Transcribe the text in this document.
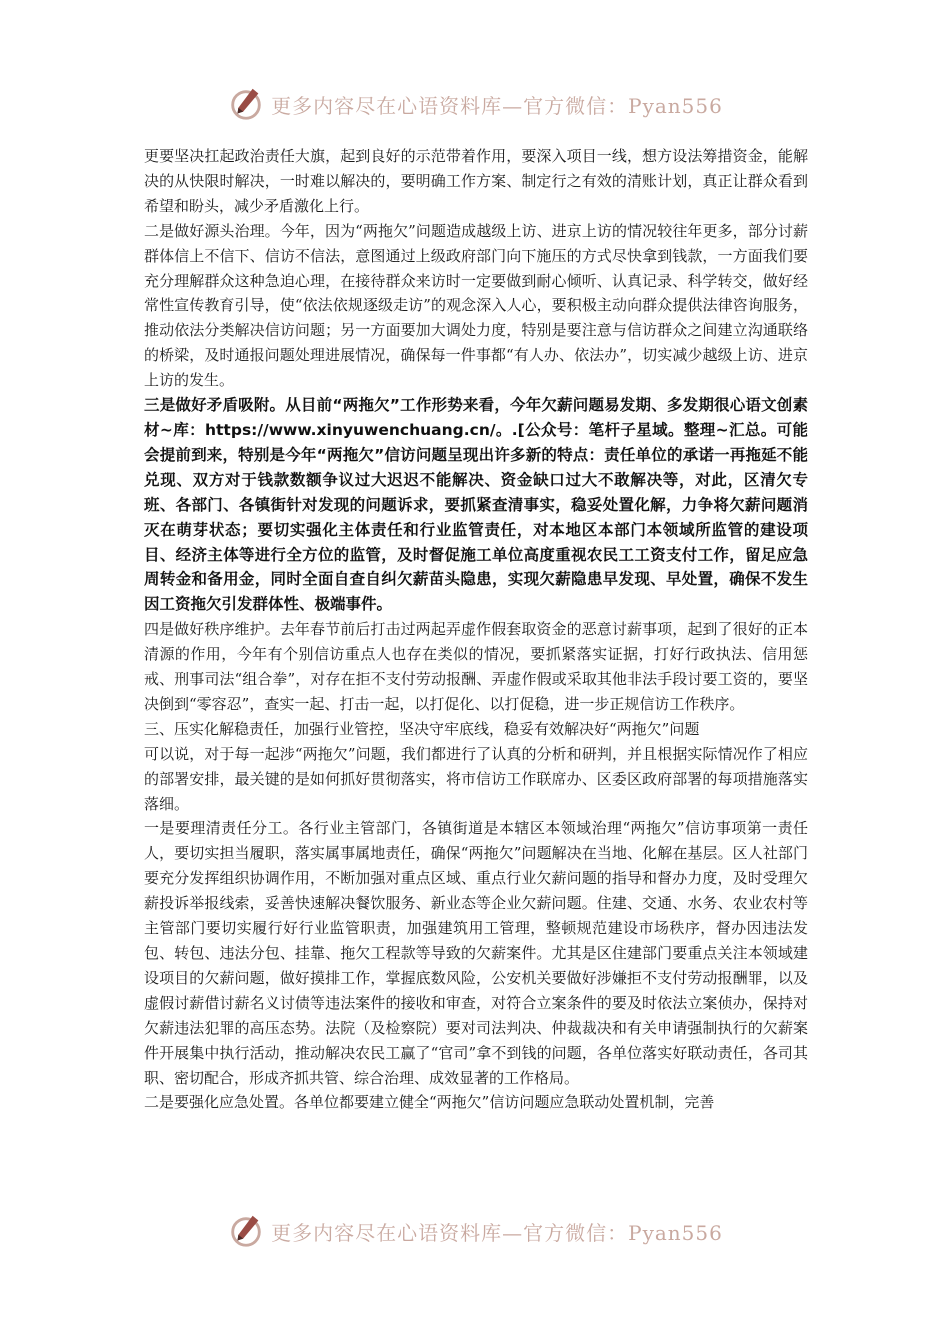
更多内容尽在心语资料库—官方微信：Pyan556

更要坚决扛起政治责任大旗，起到良好的示范带着作用，要深入项目一线，想方设法筹措资金，能解决的从快限时解决，一时难以解决的，要明确工作方案、制定行之有效的清账计划，真正让群众看到希望和盼头，减少矛盾激化上行。

二是做好源头治理。今年，因为“两拖欠”问题造成越级上访、进京上访的情况较往年更多，部分讨薪群体信上不信下、信访不信法，意图通过上级政府部门向下施压的方式尽快拿到钱款，一方面我们要充分理解群众这种急迫心理，在接待群众来访时一定要做到耐心倾听、认真记录、科学转交，做好经常性宣传教育引导，使“依法依规逐级走访”的观念深入人心，要积极主动向群众提供法律咨询服务，推动依法分类解决信访问题；另一方面要加大调处力度，特别是要注意与信访群众之间建立沟通联络的桥梁，及时通报问题处理进展情况，确保每一件事都“有人办、依法办”，切实减少越级上访、进京上访的发生。

三是做好矛盾吸附。从目前“两拖欠”工作形势来看，今年欠薪问题易发期、多发期很心语文创素材~库：https://www.xinyuwenchuang.cn/。.[公众号：笔杆子星域。整理~汇总。可能会提前到来，特别是今年“两拖欠”信访问题呈现出许多新的特点：责任单位的承诺一再拖延不能兑现、双方对于钱款数额争议过大迟迟不能解决、资金缺口过大不敢解决等，对此，区清欠专班、各部门、各镇街针对发现的问题诉求，要抓紧查清事实，稳妥处置化解，力争将欠薪问题消灭在萌芽状态；要切实强化主体责任和行业监管责任，对本地区本部门本领域所监管的建设项目、经济主体等进行全方位的监管，及时督促施工单位高度重视农民工工资支付工作，留足应急周转金和备用金，同时全面自查自纠欠薪苗头隐患，实现欠薪隐患早发现、早处置，确保不发生因工资拖欠引发群体性、极端事件。

四是做好秩序维护。去年春节前后打击过两起弄虚作假套取资金的恶意讨薪事项，起到了很好的正本清源的作用，今年有个别信访重点人也存在类似的情况，要抓紧落实证据，打好行政执法、信用惩戒、刑事司法“组合拳”，对存在拒不支付劳动报酬、弄虚作假或采取其他非法手段讨要工资的，要坚决倒到“零容忍”，查实一起、打击一起，以打促化、以打促稳，进一步正规信访工作秩序。

三、压实化解稳责任，加强行业管控，坚决守牢底线，稳妥有效解决好“两拖欠”问题

可以说，对于每一起涉“两拖欠”问题，我们都进行了认真的分析和研判，并且根据实际情况作了相应的部署安排，最关键的是如何抓好贯彻落实，将市信访工作联席办、区委区政府部署的每项措施落实落细。

一是要理清责任分工。各行业主管部门，各镇街道是本辖区本领域治理“两拖欠”信访事项第一责任人，要切实担当履职，落实属事属地责任，确保“两拖欠”问题解决在当地、化解在基层。区人社部门要充分发挥组织协调作用，不断加强对重点区域、重点行业欠薪问题的指导和督办力度，及时受理欠薪投诉举报线索，妥善快速解决餐饮服务、新业态等企业欠薪问题。住建、交通、水务、农业农村等主管部门要切实履行好行业监管职责，加强建筑用工管理，整顿规范建设市场秩序，督办因违法发包、转包、违法分包、挂靠、拖欠工程款等导致的欠薪案件。尤其是区住建部门要重点关注本领域建设项目的欠薪问题，做好摸排工作，掌握底数风险，公安机关要做好涉嫌拒不支付劳动报酬罪，以及虚假讨薪借讨薪名义讨债等违法案件的接收和审查，对符合立案条件的要及时依法立案侦办，保持对欠薪违法犯罪的高压态势。法院（及检察院）要对司法判决、仲裁裁决和有关申请强制执行的欠薪案件开展集中执行活动，推动解决农民工赢了“官司”拿不到钱的问题，各单位落实好联动责任，各司其职、密切配合，形成齐抓共管、综合治理、成效显著的工作格局。

二是要强化应急处置。各单位都要建立健全“两拖欠”信访问题应急联动处置机制，完善

更多内容尽在心语资料库—官方微信：Pyan556
